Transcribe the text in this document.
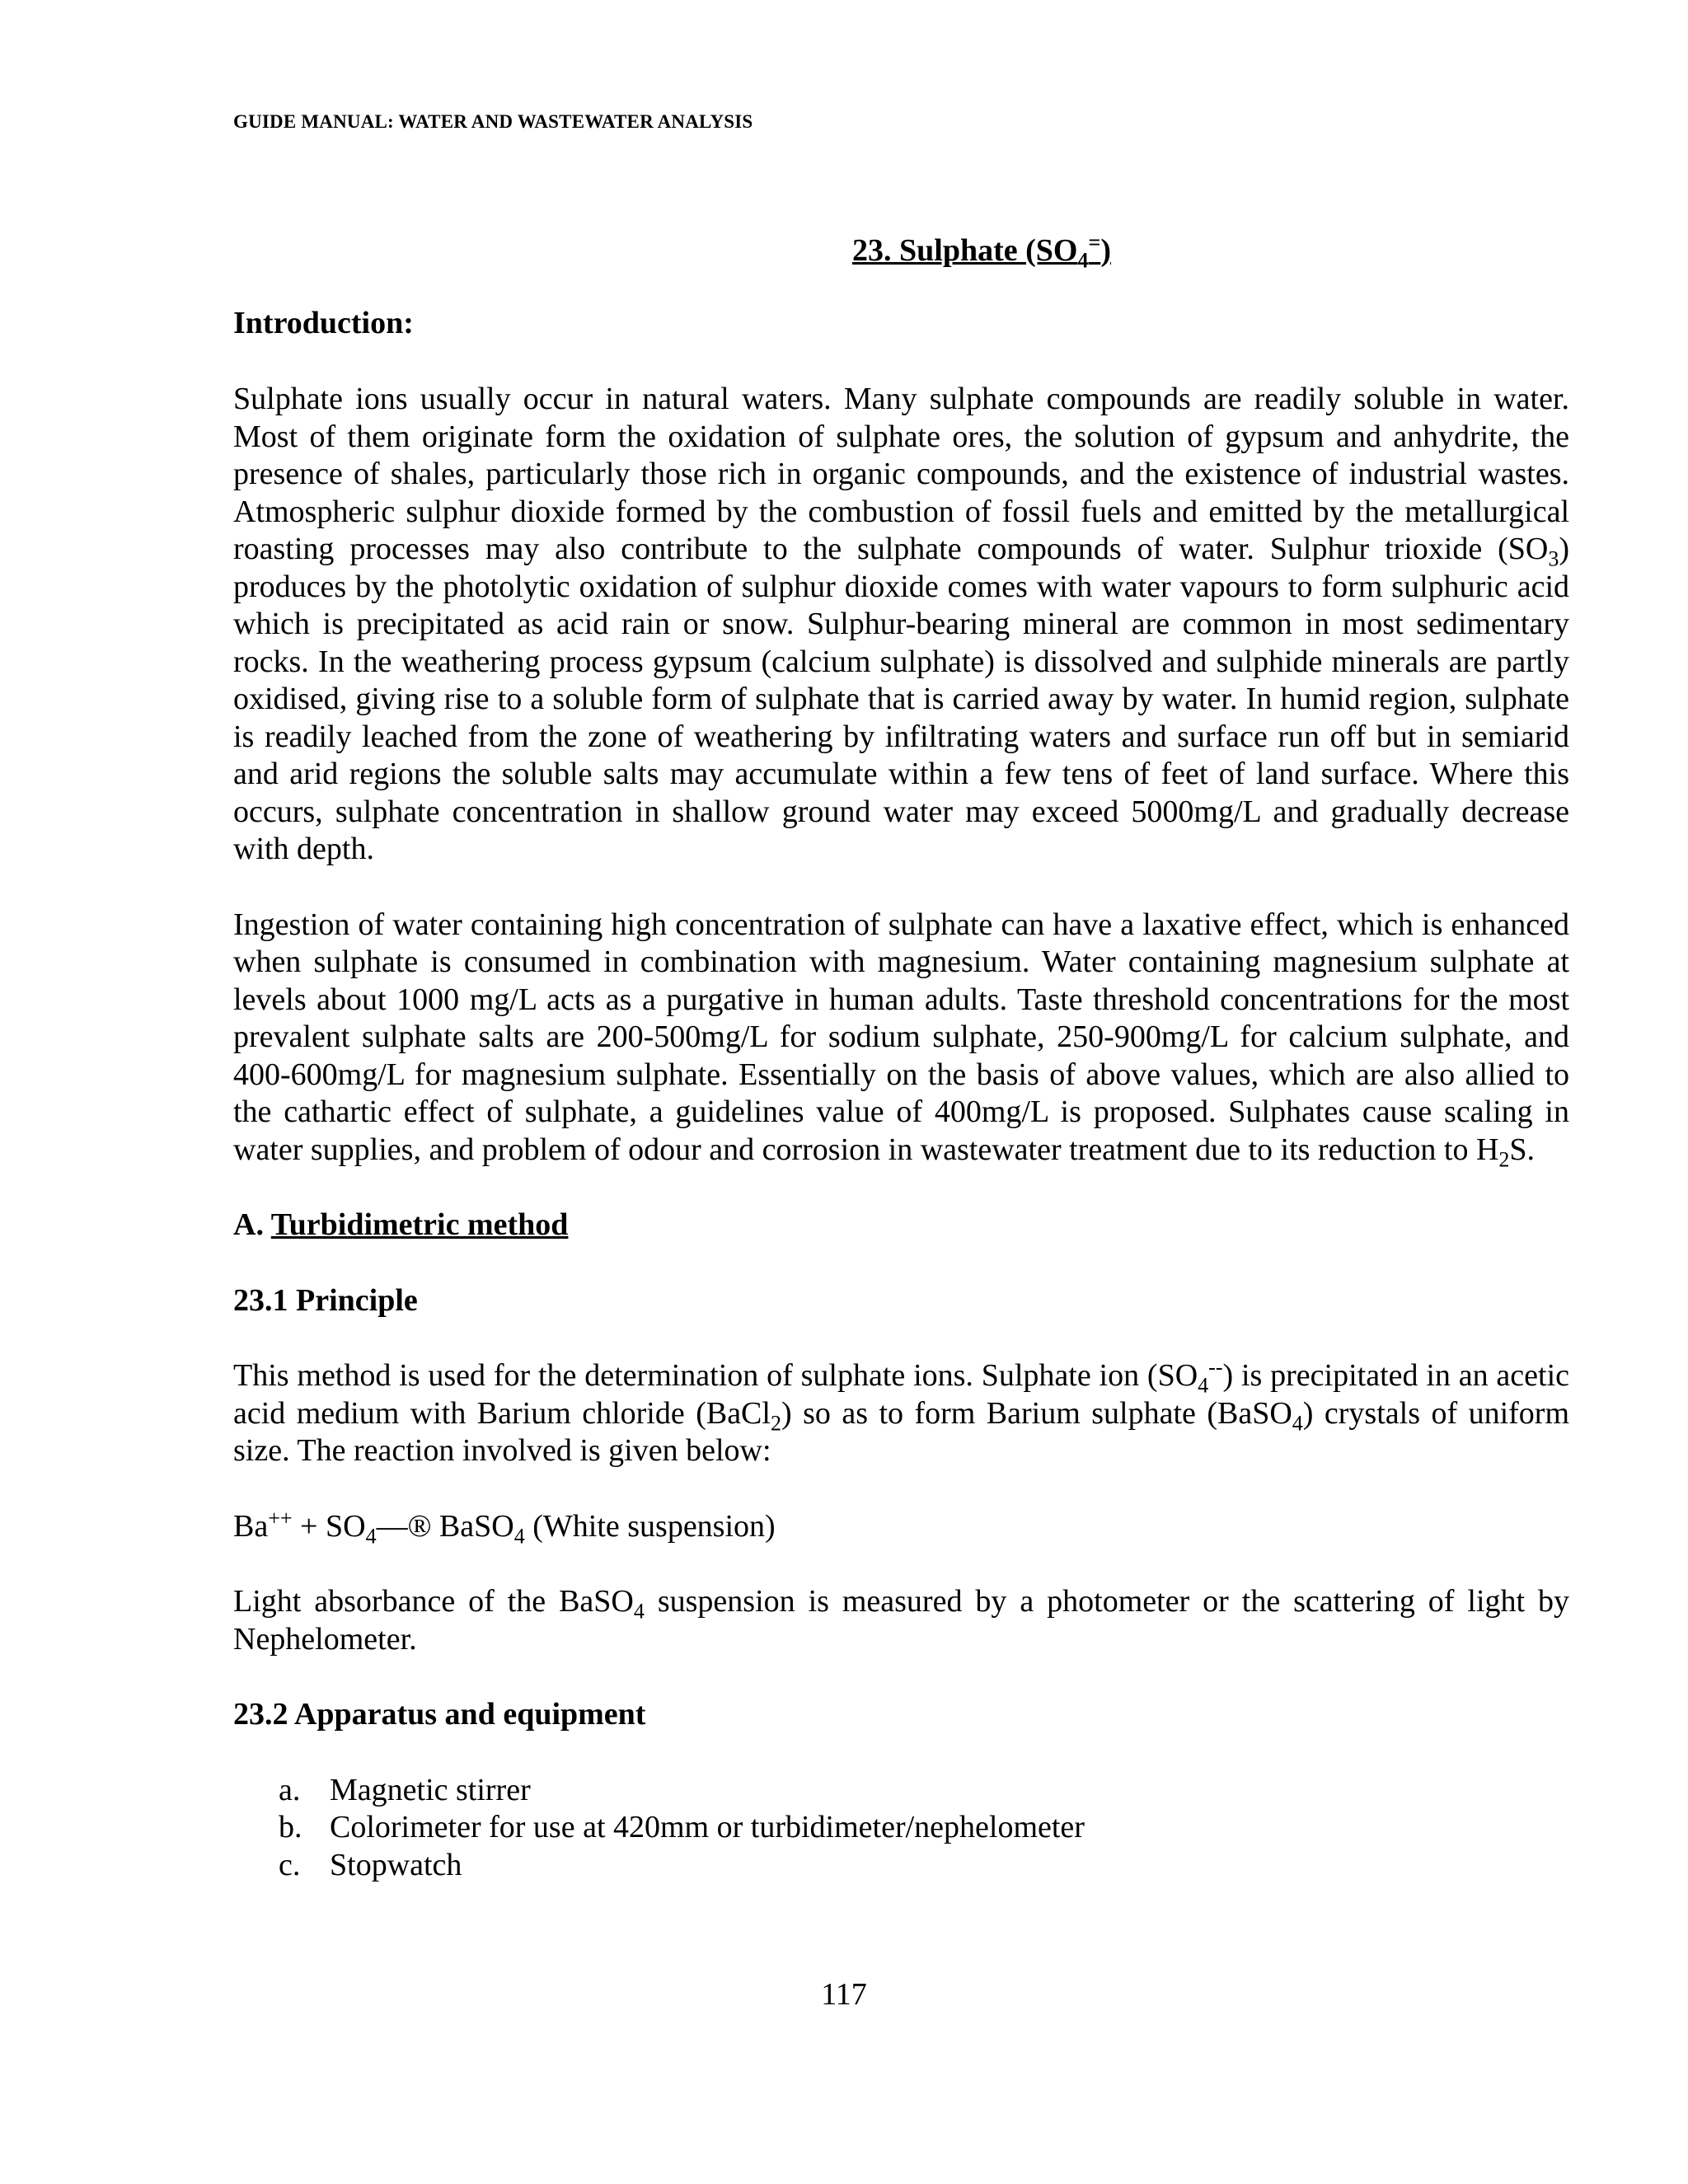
GUIDE MANUAL: WATER AND WASTEWATER ANALYSIS
23. Sulphate $(SO_4^=)$
Introduction:

Sulphate ions usually occur in natural waters. Many sulphate compounds are readily soluble in water. Most of them originate form the oxidation of sulphate ores, the solution of gypsum and anhydrite, the presence of shales, particularly those rich in organic compounds, and the existence of industrial wastes. Atmospheric sulphur dioxide formed by the combustion of fossil fuels and emitted by the metallurgical roasting processes may also contribute to the sulphate compounds of water. Sulphur trioxide $(SO_3)$ produces by the photolytic oxidation of sulphur dioxide comes with water vapours to form sulphuric acid which is precipitated as acid rain or snow. Sulphur-bearing mineral are common in most sedimentary rocks. In the weathering process gypsum (calcium sulphate) is dissolved and sulphide minerals are partly oxidised, giving rise to a soluble form of sulphate that is carried away by water. In humid region, sulphate is readily leached from the zone of weathering by infiltrating waters and surface run off but in semiarid and arid regions the soluble salts may accumulate within a few tens of feet of land surface. Where this occurs, sulphate concentration in shallow ground water may exceed 5000mg/L and gradually decrease with depth.

Ingestion of water containing high concentration of sulphate can have a laxative effect, which is enhanced when sulphate is consumed in combination with magnesium. Water containing magnesium sulphate at levels about 1000 mg/L acts as a purgative in human adults. Taste threshold concentrations for the most prevalent sulphate salts are 200-500mg/L for sodium sulphate, 250-900mg/L for calcium sulphate, and 400-600mg/L for magnesium sulphate. Essentially on the basis of above values, which are also allied to the cathartic effect of sulphate, a guidelines value of 400mg/L is proposed. Sulphates cause scaling in water supplies, and problem of odour and corrosion in wastewater treatment due to its reduction to $H_2S$.

A. Turbidimetric method
23.1 Principle

This method is used for the determination of sulphate ions. Sulphate ion $(SO_4^{--})$ is precipitated in an acetic acid medium with Barium chloride (BaCl$_2$) so as to form Barium sulphate (BaSO$_4$) crystals of uniform size. The reaction involved is given below:

$Ba^{++} + SO_4—®$ BaSO$_4$ (White suspension)

Light absorbance of the BaSO$_4$ suspension is measured by a photometer or the scattering of light by Nephelometer.

23.2 Apparatus and equipment
a. Magnetic stirrer
b. Colorimeter for use at 420mm or turbidimeter/nephelometer
c. Stopwatch
117
